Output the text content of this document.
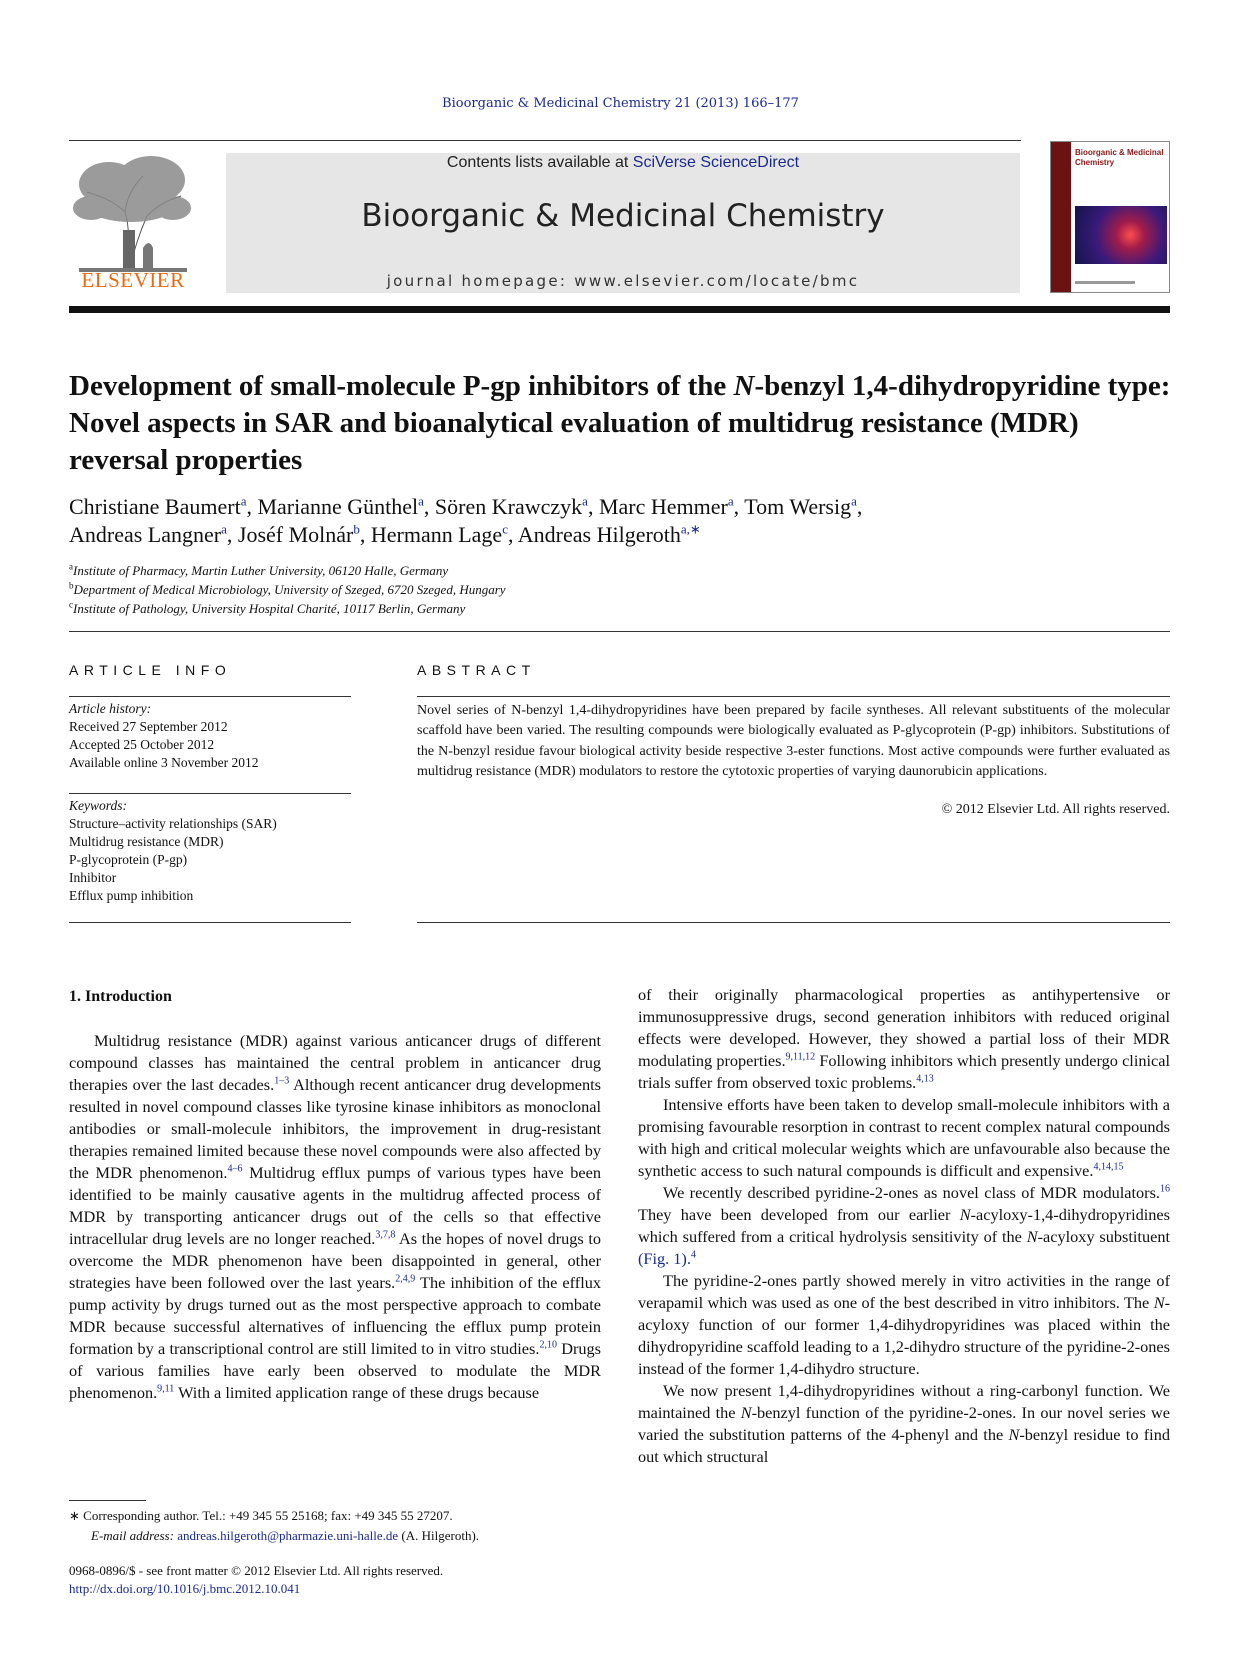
Bioorganic & Medicinal Chemistry 21 (2013) 166–177
ELSEVIER
Contents lists available at SciVerse ScienceDirect
Bioorganic & Medicinal Chemistry
journal homepage: www.elsevier.com/locate/bmc
Bioorganic & Medicinal Chemistry
Development of small-molecule P-gp inhibitors of the N-benzyl 1,4-dihydropyridine type: Novel aspects in SAR and bioanalytical evaluation of multidrug resistance (MDR) reversal properties
Christiane Baumert$^a$, Marianne Günthel$^a$, Sören Krawczyk$^a$, Marc Hemmer$^a$, Tom Wersig$^a$,
Andreas Langner$^a$, Joséf Molnár$^b$, Hermann Lage$^c$, Andreas Hilgeroth$^{a,∗}$
$^a$Institute of Pharmacy, Martin Luther University, 06120 Halle, Germany
$^b$Department of Medical Microbiology, University of Szeged, 6720 Szeged, Hungary
$^c$Institute of Pathology, University Hospital Charité, 10117 Berlin, Germany
ARTICLE INFO	ABSTRACT
Article history:
Received 27 September 2012
Accepted 25 October 2012
Available online 3 November 2012
Keywords:
Structure–activity relationships (SAR)
Multidrug resistance (MDR)
P-glycoprotein (P-gp)
Inhibitor
Efflux pump inhibition
Novel series of N-benzyl 1,4-dihydropyridines have been prepared by facile syntheses. All relevant substituents of the molecular scaffold have been varied. The resulting compounds were biologically evaluated as P-glycoprotein (P-gp) inhibitors. Substitutions of the N-benzyl residue favour biological activity beside respective 3-ester functions. Most active compounds were further evaluated as multidrug resistance (MDR) modulators to restore the cytotoxic properties of varying daunorubicin applications.
© 2012 Elsevier Ltd. All rights reserved.
1. Introduction

Multidrug resistance (MDR) against various anticancer drugs of different compound classes has maintained the central problem in anticancer drug therapies over the last decades.$^{1-3}$ Although recent anticancer drug developments resulted in novel compound classes like tyrosine kinase inhibitors as monoclonal antibodies or small-molecule inhibitors, the improvement in drug-resistant therapies remained limited because these novel compounds were also affected by the MDR phenomenon.$^{4-6}$ Multidrug efflux pumps of various types have been identified to be mainly causative agents in the multidrug affected process of MDR by transporting anticancer drugs out of the cells so that effective intracellular drug levels are no longer reached.$^{3,7,8}$ As the hopes of novel drugs to overcome the MDR phenomenon have been disappointed in general, other strategies have been followed over the last years.$^{2,4,9}$ The inhibition of the efflux pump activity by drugs turned out as the most perspective approach to combate MDR because successful alternatives of influencing the efflux pump protein formation by a transcriptional control are still limited to in vitro studies.$^{2,10}$ Drugs of various families have early been observed to modulate the MDR phenomenon.$^{9,11}$ With a limited application range of these drugs because

of their originally pharmacological properties as antihypertensive or immunosuppressive drugs, second generation inhibitors with reduced original effects were developed. However, they showed a partial loss of their MDR modulating properties.$^{9,11,12}$ Following inhibitors which presently undergo clinical trials suffer from observed toxic problems.$^{4,13}$

Intensive efforts have been taken to develop small-molecule inhibitors with a promising favourable resorption in contrast to recent complex natural compounds with high and critical molecular weights which are unfavourable also because the synthetic access to such natural compounds is difficult and expensive.$^{4,14,15}$

We recently described pyridine-2-ones as novel class of MDR modulators.$^{16}$ They have been developed from our earlier N-acyloxy-1,4-dihydropyridines which suffered from a critical hydrolysis sensitivity of the N-acyloxy substituent (Fig. 1).$^4$

The pyridine-2-ones partly showed merely in vitro activities in the range of verapamil which was used as one of the best described in vitro inhibitors. The N-acyloxy function of our former 1,4-dihydropyridines was placed within the dihydropyridine scaffold leading to a 1,2-dihydro structure of the pyridine-2-ones instead of the former 1,4-dihydro structure.

We now present 1,4-dihydropyridines without a ring-carbonyl function. We maintained the N-benzyl function of the pyridine-2-ones. In our novel series we varied the substitution patterns of the 4-phenyl and the N-benzyl residue to find out which structural

∗ Corresponding author. Tel.: +49 345 55 25168; fax: +49 345 55 27207.
E-mail address: andreas.hilgeroth@pharmazie.uni-halle.de (A. Hilgeroth).
0968-0896/$ - see front matter © 2012 Elsevier Ltd. All rights reserved.
http://dx.doi.org/10.1016/j.bmc.2012.10.041
